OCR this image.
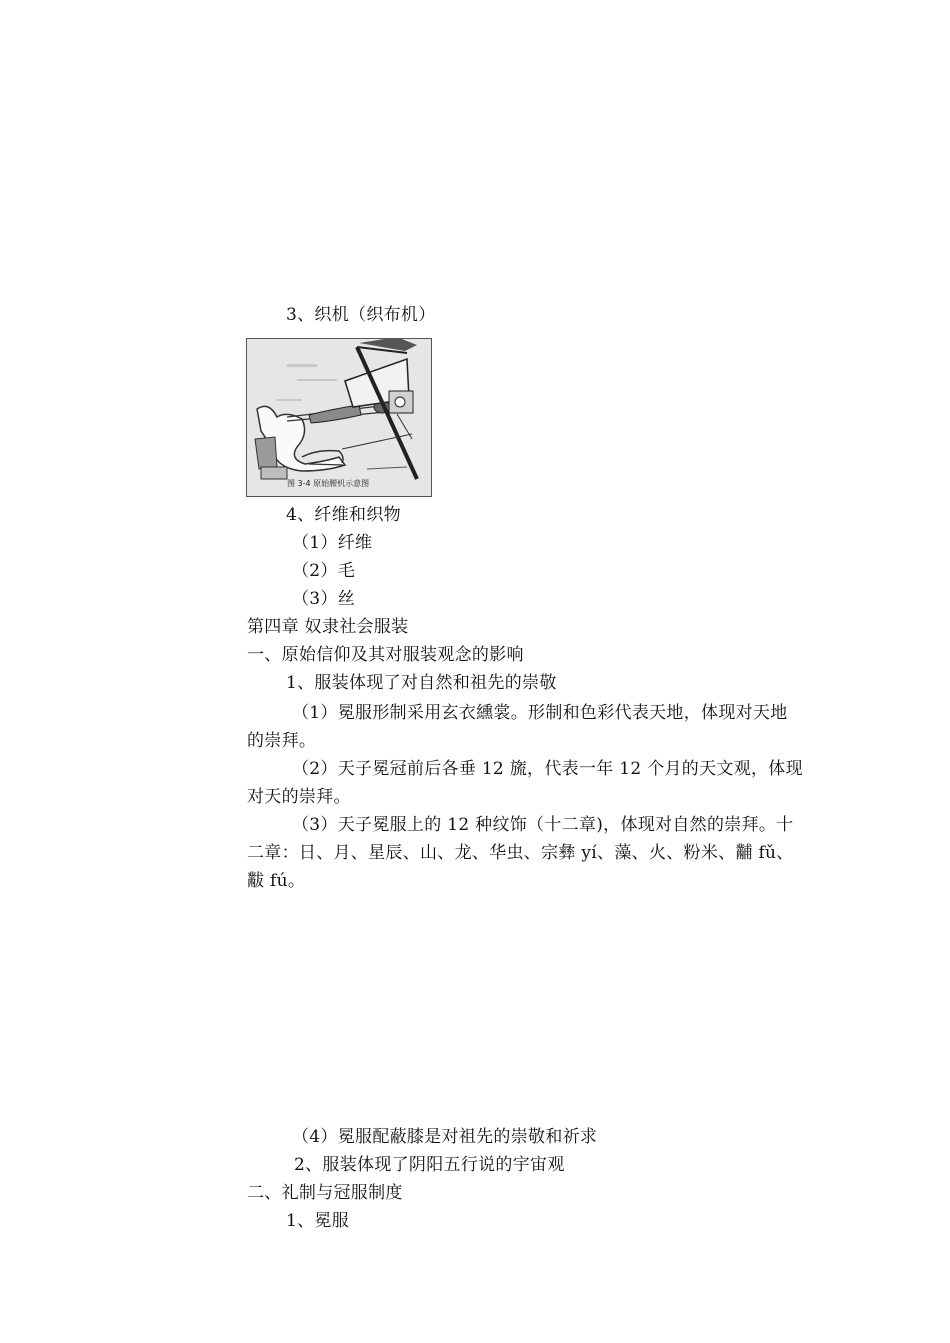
3、织机（织布机）
图 3-4 原始腰机示意图
4、纤维和织物
（1）纤维
（2）毛
（3）丝
第四章 奴隶社会服装
一、原始信仰及其对服装观念的影响
1、服装体现了对自然和祖先的崇敬
（1）冕服形制采用玄衣纁裳。形制和色彩代表天地，体现对天地
的崇拜。
（2）天子冕冠前后各垂 12 旒，代表一年 12 个月的天文观，体现
对天的崇拜。
（3）天子冕服上的 12 种纹饰（十二章)，体现对自然的崇拜。十
二章：日、月、星辰、山、龙、华虫、宗彝 yí、藻、火、粉米、黼 fǔ、
黻 fú。
（4）冕服配蔽膝是对祖先的崇敬和祈求
2、服装体现了阴阳五行说的宇宙观
二、礼制与冠服制度
1、冕服
